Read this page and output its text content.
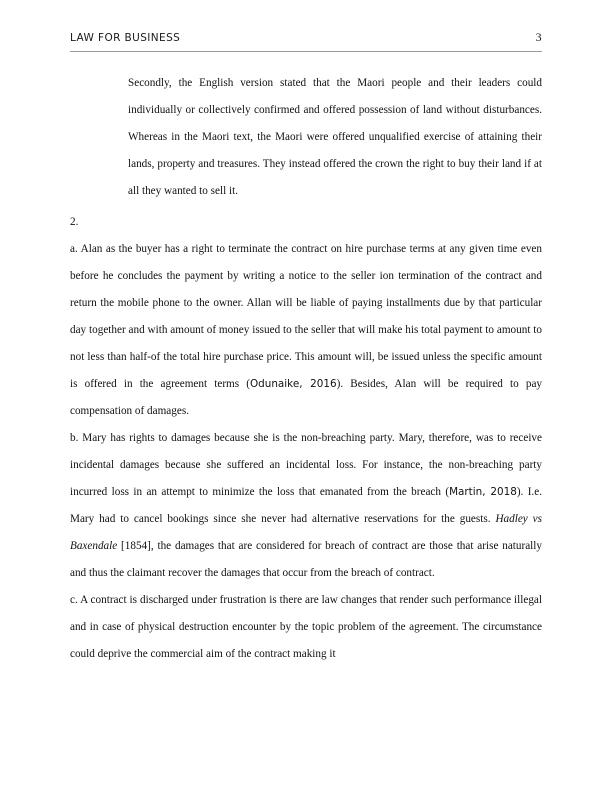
LAW FOR BUSINESS	3

Secondly, the English version stated that the Maori people and their leaders could individually or collectively confirmed and offered possession of land without disturbances. Whereas in the Maori text, the Maori were offered unqualified exercise of attaining their lands, property and treasures. They instead offered the crown the right to buy their land if at all they wanted to sell it.

2.

a. Alan as the buyer has a right to terminate the contract on hire purchase terms at any given time even before he concludes the payment by writing a notice to the seller ion termination of the contract and return the mobile phone to the owner. Allan will be liable of paying installments due by that particular day together and with amount of money issued to the seller that will make his total payment to amount to not less than half-of the total hire purchase price. This amount will, be issued unless the specific amount is offered in the agreement terms (Odunaike, 2016). Besides, Alan will be required to pay compensation of damages.

b. Mary has rights to damages because she is the non-breaching party. Mary, therefore, was to receive incidental damages because she suffered an incidental loss. For instance, the non-breaching party incurred loss in an attempt to minimize the loss that emanated from the breach (Martin, 2018). I.e. Mary had to cancel bookings since she never had alternative reservations for the guests. Hadley vs Baxendale [1854], the damages that are considered for breach of contract are those that arise naturally and thus the claimant recover the damages that occur from the breach of contract.

c. A contract is discharged under frustration is there are law changes that render such performance illegal and in case of physical destruction encounter by the topic problem of the agreement. The circumstance could deprive the commercial aim of the contract making it
